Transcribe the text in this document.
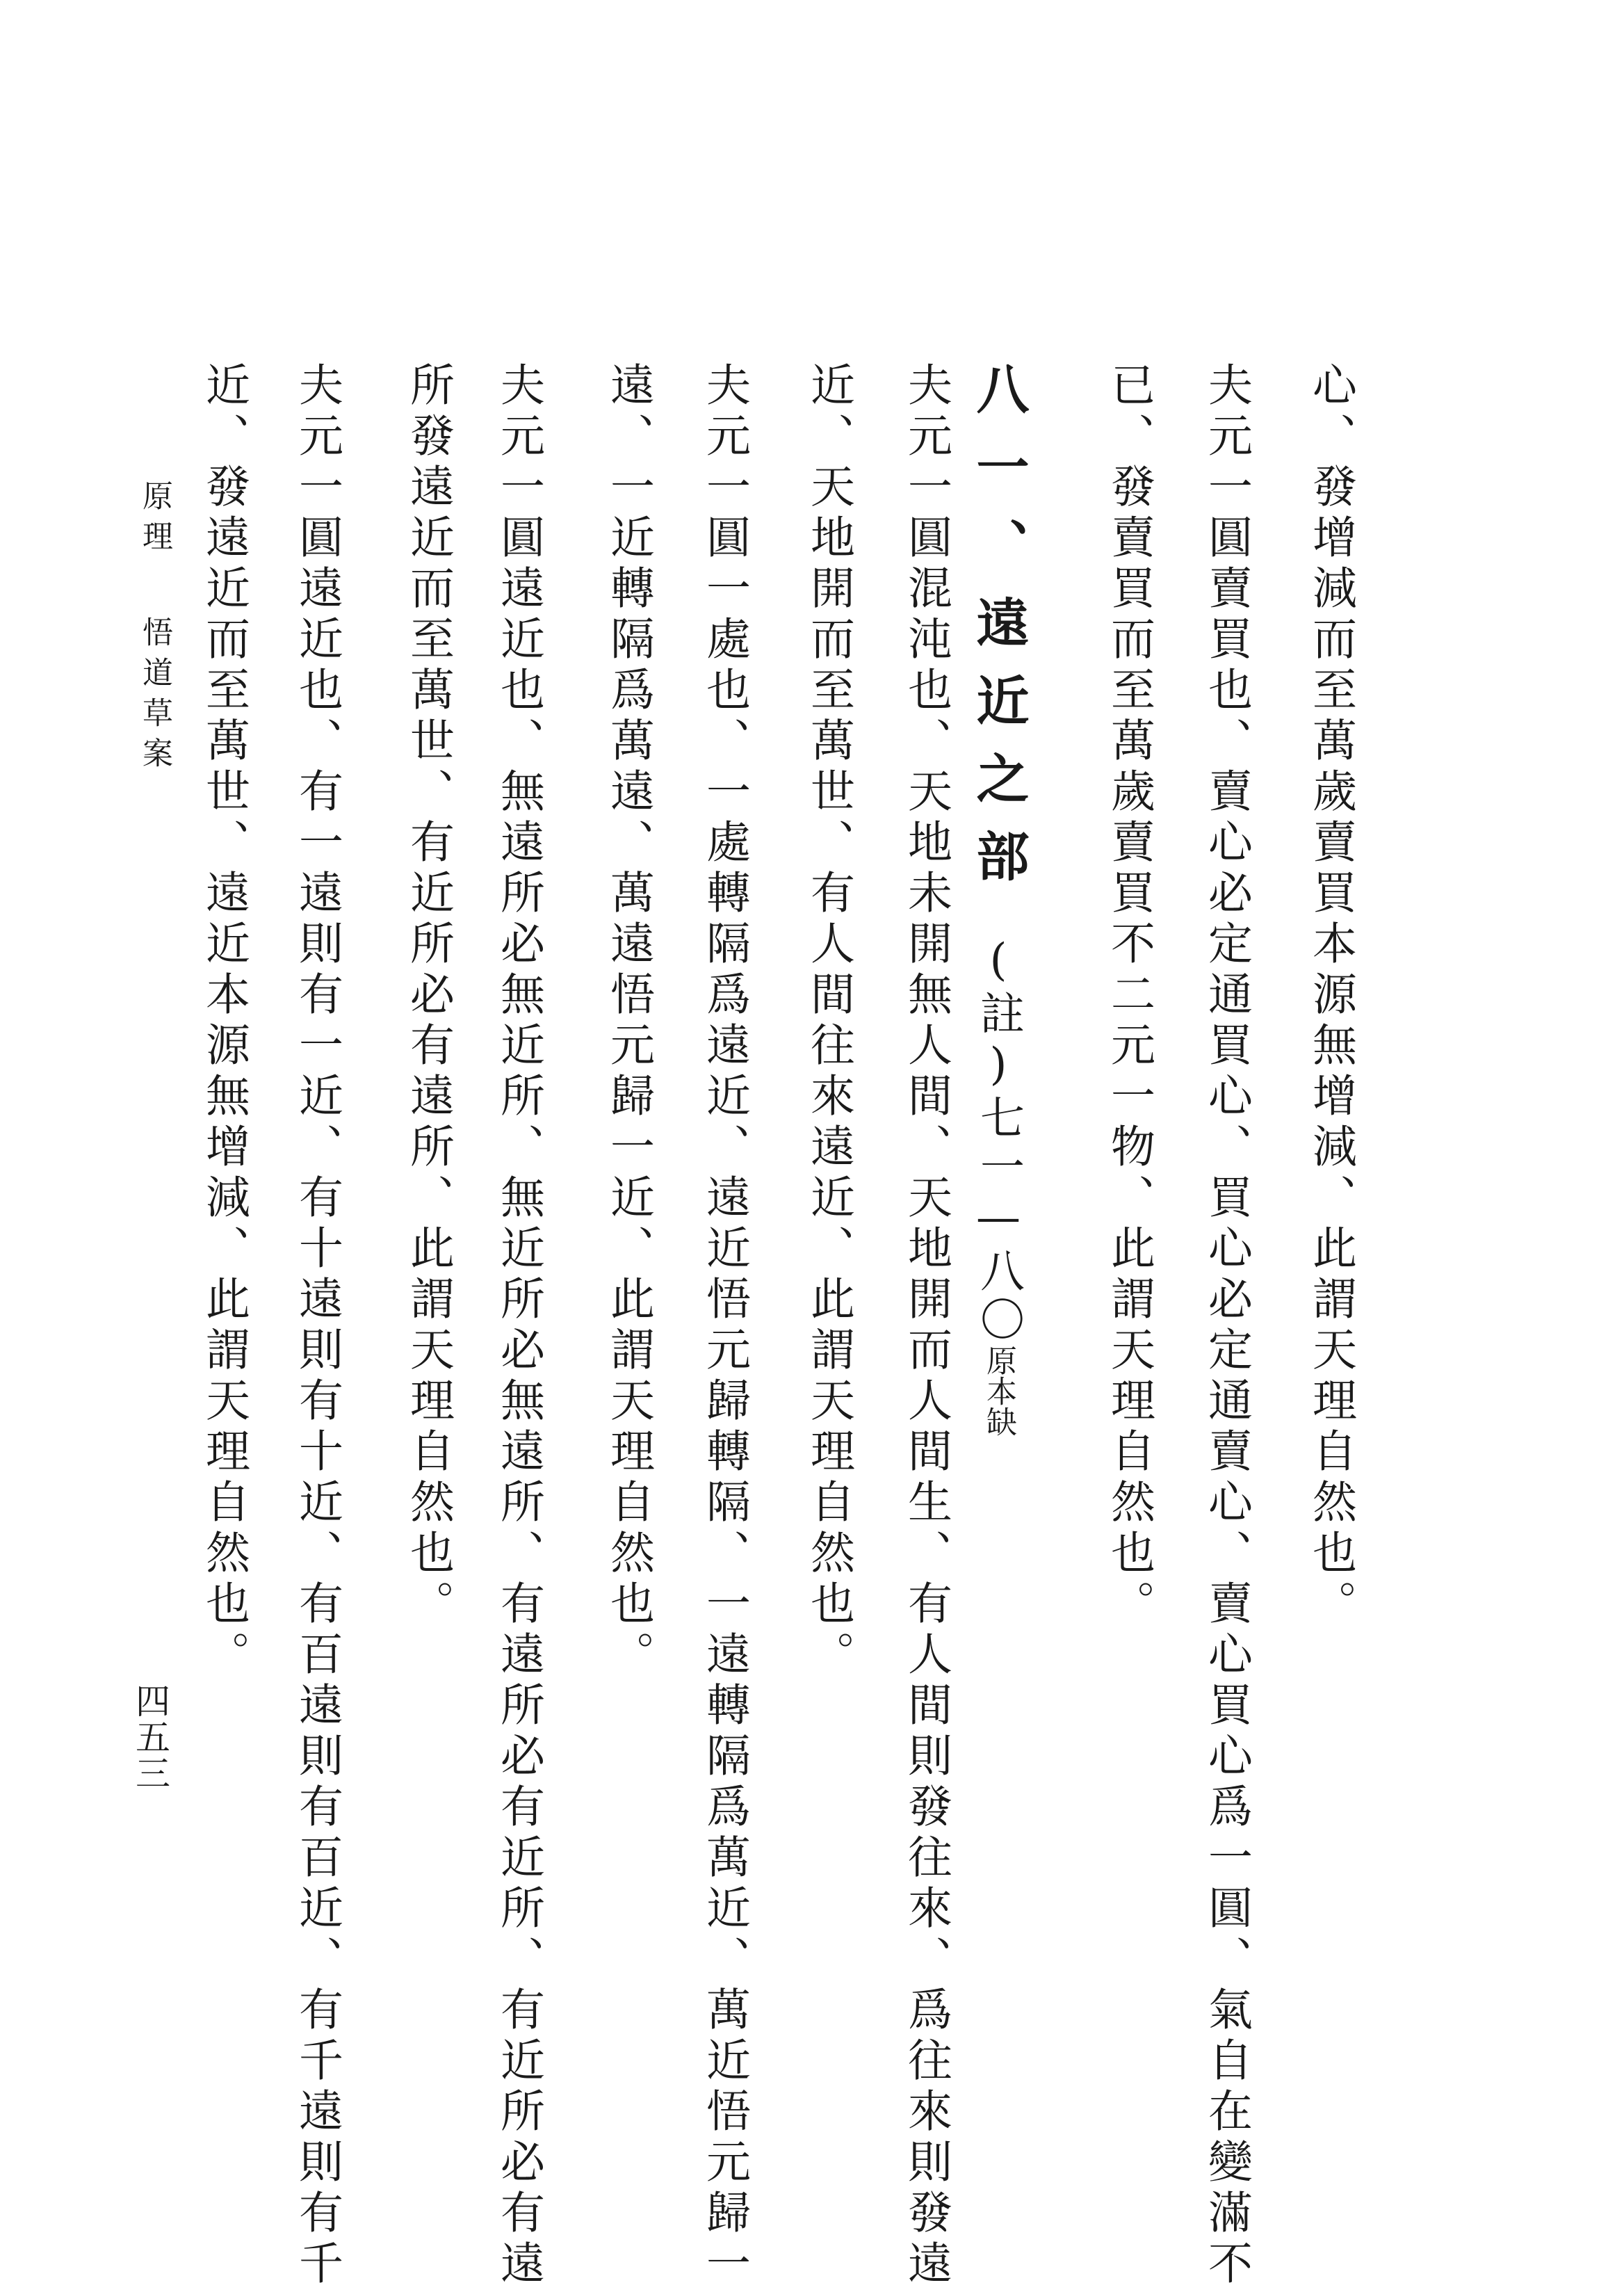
心、發增減而至萬歲賣買本源無增減、此謂天理自然也。
夫元一圓賣買也、賣心必定通買心、買心必定通賣心、賣心買心爲一圓、氣自在變滿不
已、發賣買而至萬歲賣買不二元一物、此謂天理自然也。
八一、遠近之部(註)七一—八〇原本缺
夫元一圓混沌也、天地未開無人間、天地開而人間生、有人間則發往來、爲往來則發遠
近、天地開而至萬世、有人間往來遠近、此謂天理自然也。
夫元一圓一處也、一處轉隔爲遠近、遠近悟元歸轉隔、一遠轉隔爲萬近、萬近悟元歸一
遠、一近轉隔爲萬遠、萬遠悟元歸一近、此謂天理自然也。
夫元一圓遠近也、無遠所必無近所、無近所必無遠所、有遠所必有近所、有近所必有遠
所發遠近而至萬世、有近所必有遠所、此謂天理自然也。
夫元一圓遠近也、有一遠則有一近、有十遠則有十近、有百遠則有百近、有千遠則有千
近、發遠近而至萬世、遠近本源無增減、此謂天理自然也。
原理悟道草案
四五三
